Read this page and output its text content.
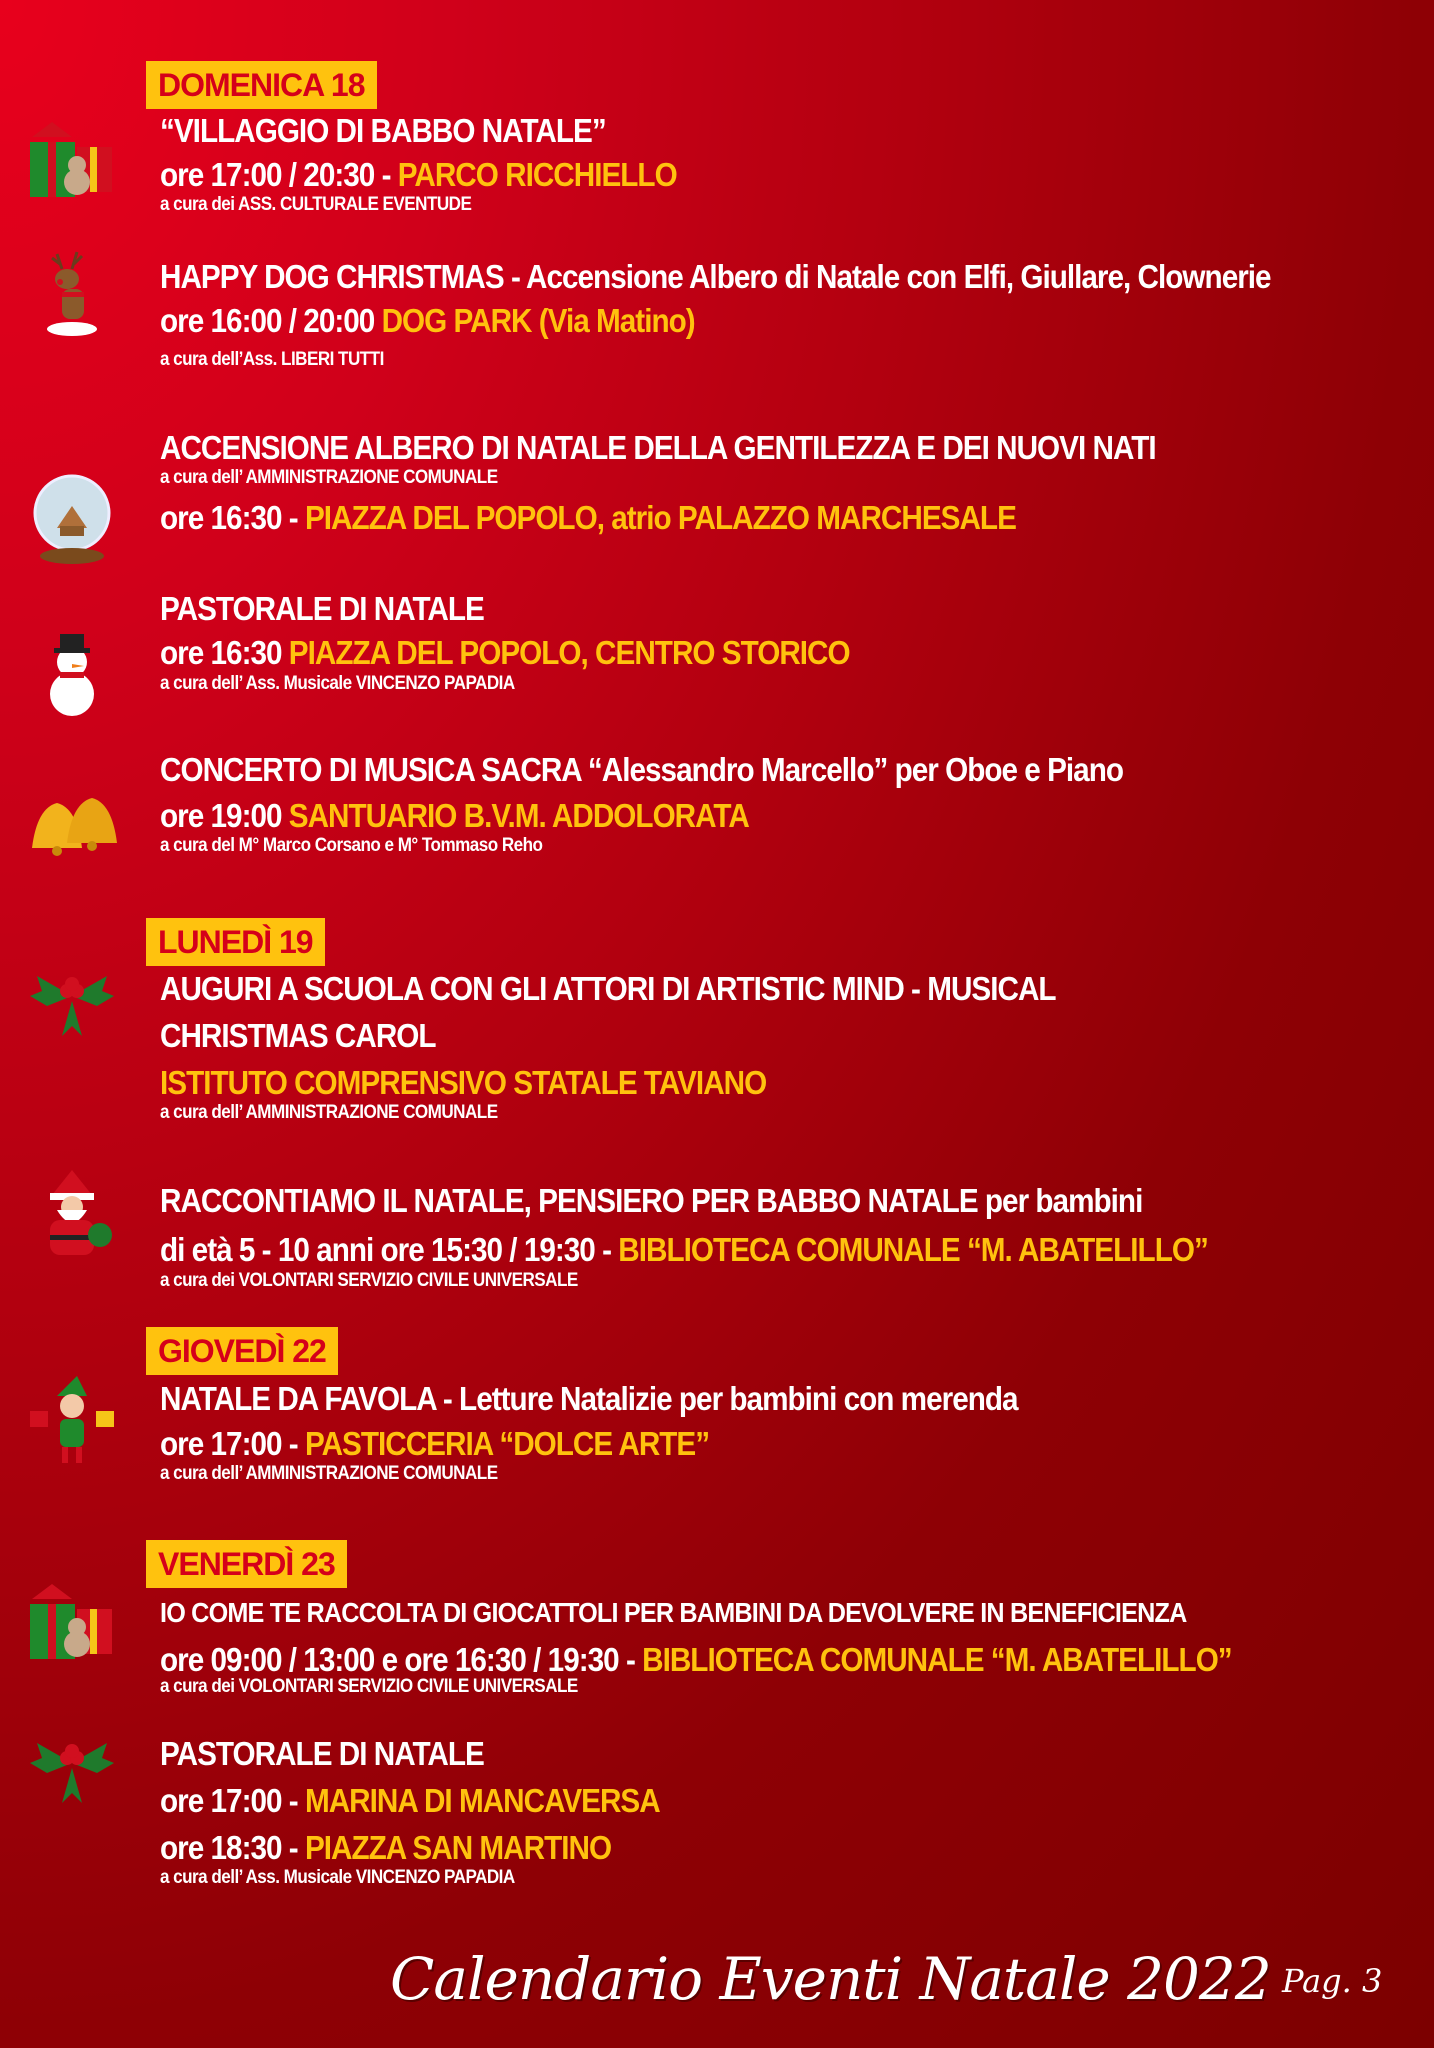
DOMENICA 18
LUNEDÌ 19
GIOVEDÌ 22
VENERDÌ 23
“VILLAGGIO DI BABBO NATALE”
ore 17:00 / 20:30 - PARCO RICCHIELLO
a cura dei ASS. CULTURALE EVENTUDE
HAPPY DOG CHRISTMAS - Accensione Albero di Natale con Elfi, Giullare, Clownerie
ore 16:00 / 20:00 DOG PARK (Via Matino)
a cura dell’Ass. LIBERI TUTTI
ACCENSIONE ALBERO DI NATALE DELLA GENTILEZZA E DEI NUOVI NATI
a cura dell’ AMMINISTRAZIONE COMUNALE
ore 16:30 - PIAZZA DEL POPOLO, atrio PALAZZO MARCHESALE
PASTORALE DI NATALE
ore 16:30 PIAZZA DEL POPOLO, CENTRO STORICO
a cura dell’ Ass. Musicale VINCENZO PAPADIA
CONCERTO DI MUSICA SACRA “Alessandro Marcello” per Oboe e Piano
ore 19:00 SANTUARIO B.V.M. ADDOLORATA
a cura del M° Marco Corsano e M° Tommaso Reho
AUGURI A SCUOLA CON GLI ATTORI DI ARTISTIC MIND - MUSICAL
CHRISTMAS CAROL
ISTITUTO COMPRENSIVO STATALE TAVIANO
a cura dell’ AMMINISTRAZIONE COMUNALE
RACCONTIAMO IL NATALE, PENSIERO PER BABBO NATALE per bambini
di età 5 - 10 anni ore 15:30 / 19:30 - BIBLIOTECA COMUNALE “M. ABATELILLO”
a cura dei VOLONTARI SERVIZIO CIVILE UNIVERSALE
NATALE DA FAVOLA - Letture Natalizie per bambini con merenda
ore 17:00 - PASTICCERIA “DOLCE ARTE”
a cura dell’ AMMINISTRAZIONE COMUNALE
IO COME TE RACCOLTA DI GIOCATTOLI PER BAMBINI DA DEVOLVERE IN BENEFICIENZA
ore 09:00 / 13:00 e ore 16:30 / 19:30 - BIBLIOTECA COMUNALE “M. ABATELILLO”
a cura dei VOLONTARI SERVIZIO CIVILE UNIVERSALE
PASTORALE DI NATALE
ore 17:00 - MARINA DI MANCAVERSA
ore 18:30 - PIAZZA SAN MARTINO
a cura dell’ Ass. Musicale VINCENZO PAPADIA
Calendario Eventi Natale 2022 Pag. 3
